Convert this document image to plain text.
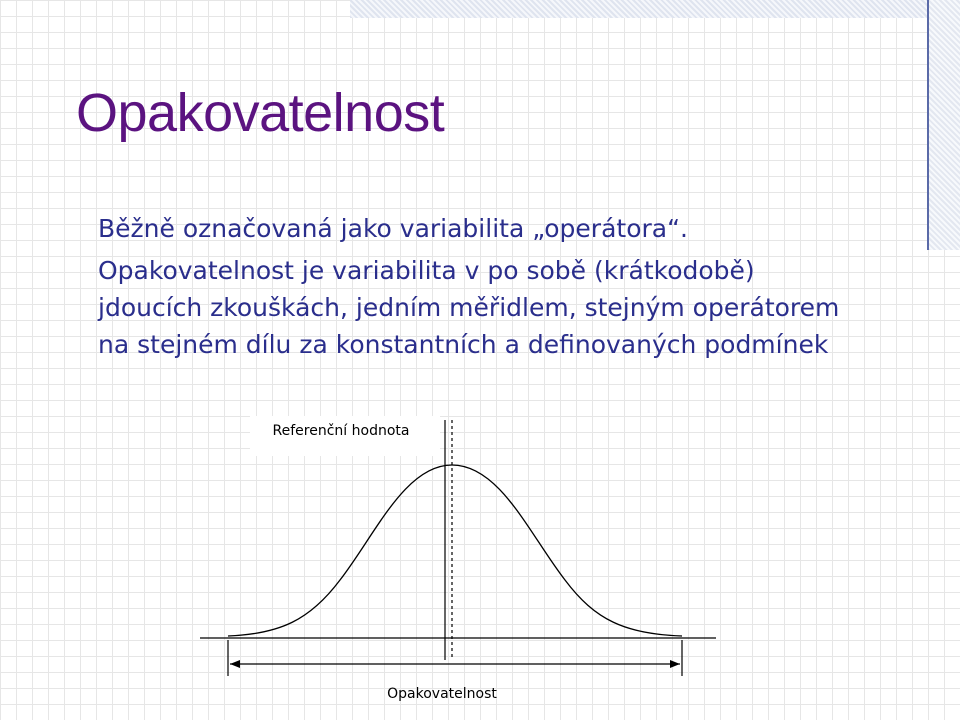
Opakovatelnost

Běžně označovaná jako variabilita „operátora“.

Opakovatelnost je variabilita v po sobě (krátkodobě) jdoucích zkouškách, jedním měřidlem, stejným operátorem na stejném dílu za konstantních a definovaných podmínek

Referenční hodnota
Opakovatelnost
